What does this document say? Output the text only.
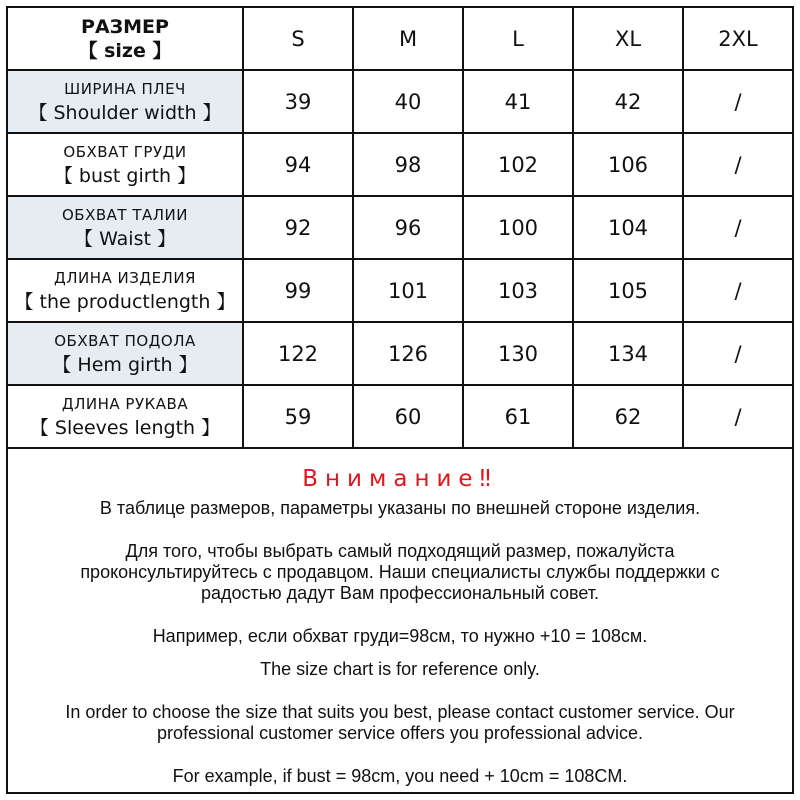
РАЗМЕР
【 size 】	S	M	L	XL	2XL

ШИРИНА ПЛЕЧ
【 Shoulder width 】	39	40	41	42	/

ОБХВАТ ГРУДИ
【 bust girth 】	94	98	102	106	/

ОБХВАТ ТАЛИИ
【 Waist 】	92	96	100	104	/

ДЛИНА ИЗДЕЛИЯ
【 the productlength 】	99	101	103	105	/

ОБХВАТ ПОДОЛА
【 Hem girth 】	122	126	130	134	/

ДЛИНА РУКАВА
【 Sleeves length 】	59	60	61	62	/
Внимание‼
В таблице размеров, параметры указаны по внешней стороне изделия.
Для того, чтобы выбрать самый подходящий размер, пожалуйста проконсультируйтесь с продавцом. Наши специалисты службы поддержки с радостью дадут Вам профессиональный совет.
Например, если обхват груди=98см, то нужно +10 = 108см.
The size chart is for reference only.
In order to choose the size that suits you best, please contact customer service. Our professional customer service offers you professional advice.
For example, if bust = 98cm, you need + 10cm = 108CM.
